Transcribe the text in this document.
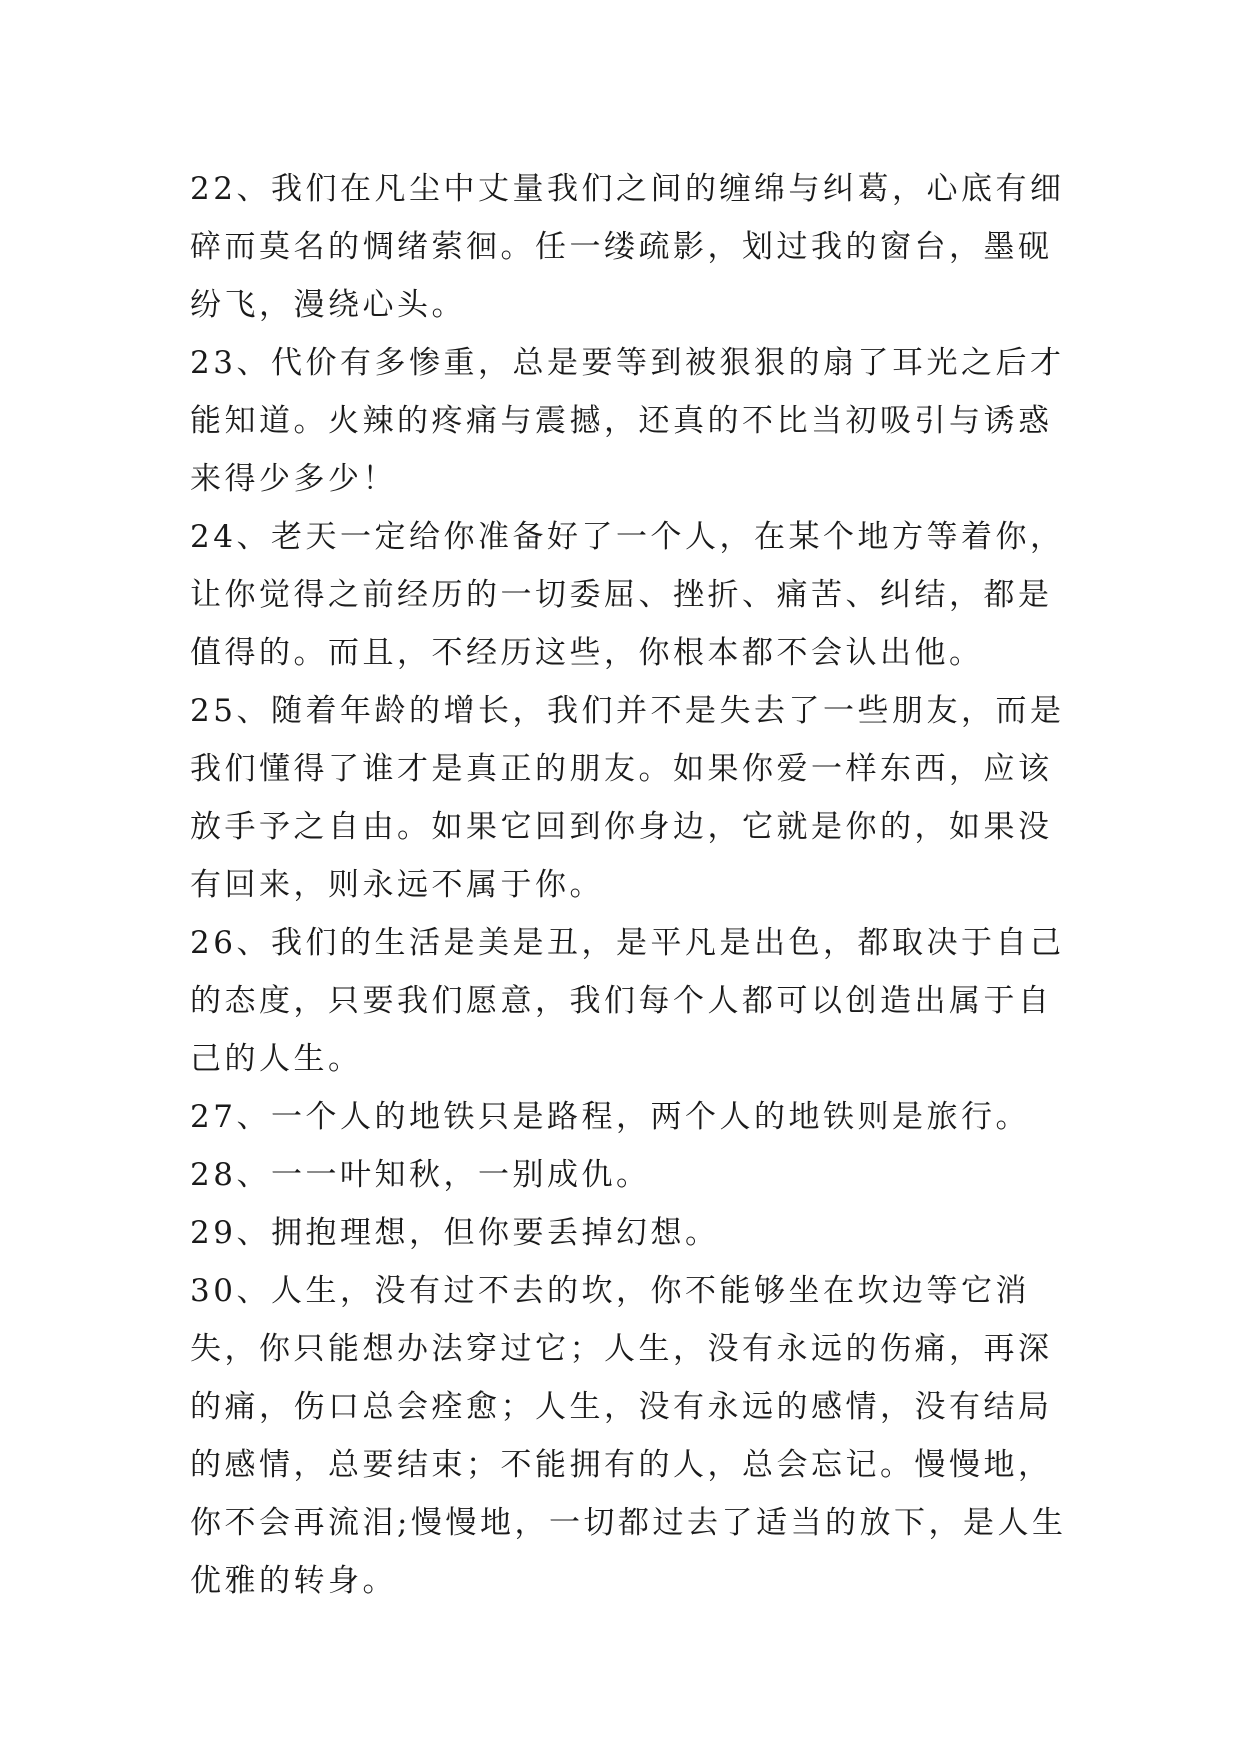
22、我们在凡尘中丈量我们之间的缠绵与纠葛，心底有细碎而莫名的惆绪萦徊。任一缕疏影，划过我的窗台，墨砚纷飞，漫绕心头。

23、代价有多惨重，总是要等到被狠狠的扇了耳光之后才能知道。火辣的疼痛与震撼，还真的不比当初吸引与诱惑来得少多少！

24、老天一定给你准备好了一个人，在某个地方等着你，让你觉得之前经历的一切委屈、挫折、痛苦、纠结，都是值得的。而且，不经历这些，你根本都不会认出他。

25、随着年龄的增长，我们并不是失去了一些朋友，而是我们懂得了谁才是真正的朋友。如果你爱一样东西，应该放手予之自由。如果它回到你身边，它就是你的，如果没有回来，则永远不属于你。

26、我们的生活是美是丑，是平凡是出色，都取决于自己的态度，只要我们愿意，我们每个人都可以创造出属于自己的人生。

27、一个人的地铁只是路程，两个人的地铁则是旅行。

28、一一叶知秋，一别成仇。

29、拥抱理想，但你要丢掉幻想。

30、人生，没有过不去的坎，你不能够坐在坎边等它消失，你只能想办法穿过它；人生，没有永远的伤痛，再深的痛，伤口总会痊愈；人生，没有永远的感情，没有结局的感情，总要结束；不能拥有的人，总会忘记。慢慢地，你不会再流泪;慢慢地，一切都过去了适当的放下，是人生优雅的转身。
